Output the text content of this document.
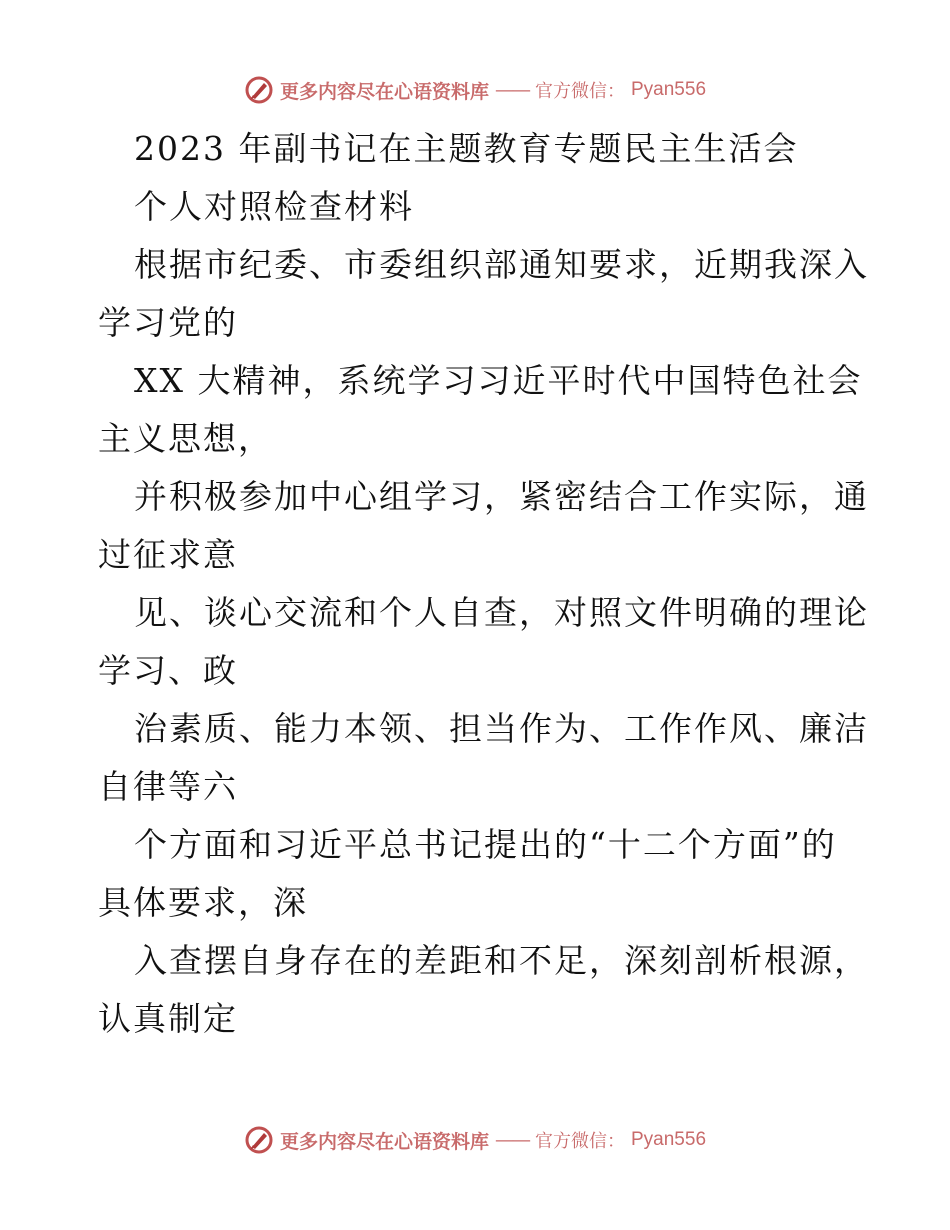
更多内容尽在心语资料库 —— 官方微信： Pyan556
2023 年副书记在主题教育专题民主生活会
个人对照检查材料
根据市纪委、市委组织部通知要求，近期我深入
学习党的
XX 大精神，系统学习习近平时代中国特色社会
主义思想，
并积极参加中心组学习，紧密结合工作实际，通
过征求意
见、谈心交流和个人自查，对照文件明确的理论
学习、政
治素质、能力本领、担当作为、工作作风、廉洁
自律等六
个方面和习近平总书记提出的“十二个方面”的
具体要求，深
入查摆自身存在的差距和不足，深刻剖析根源，
认真制定
更多内容尽在心语资料库 —— 官方微信： Pyan556
